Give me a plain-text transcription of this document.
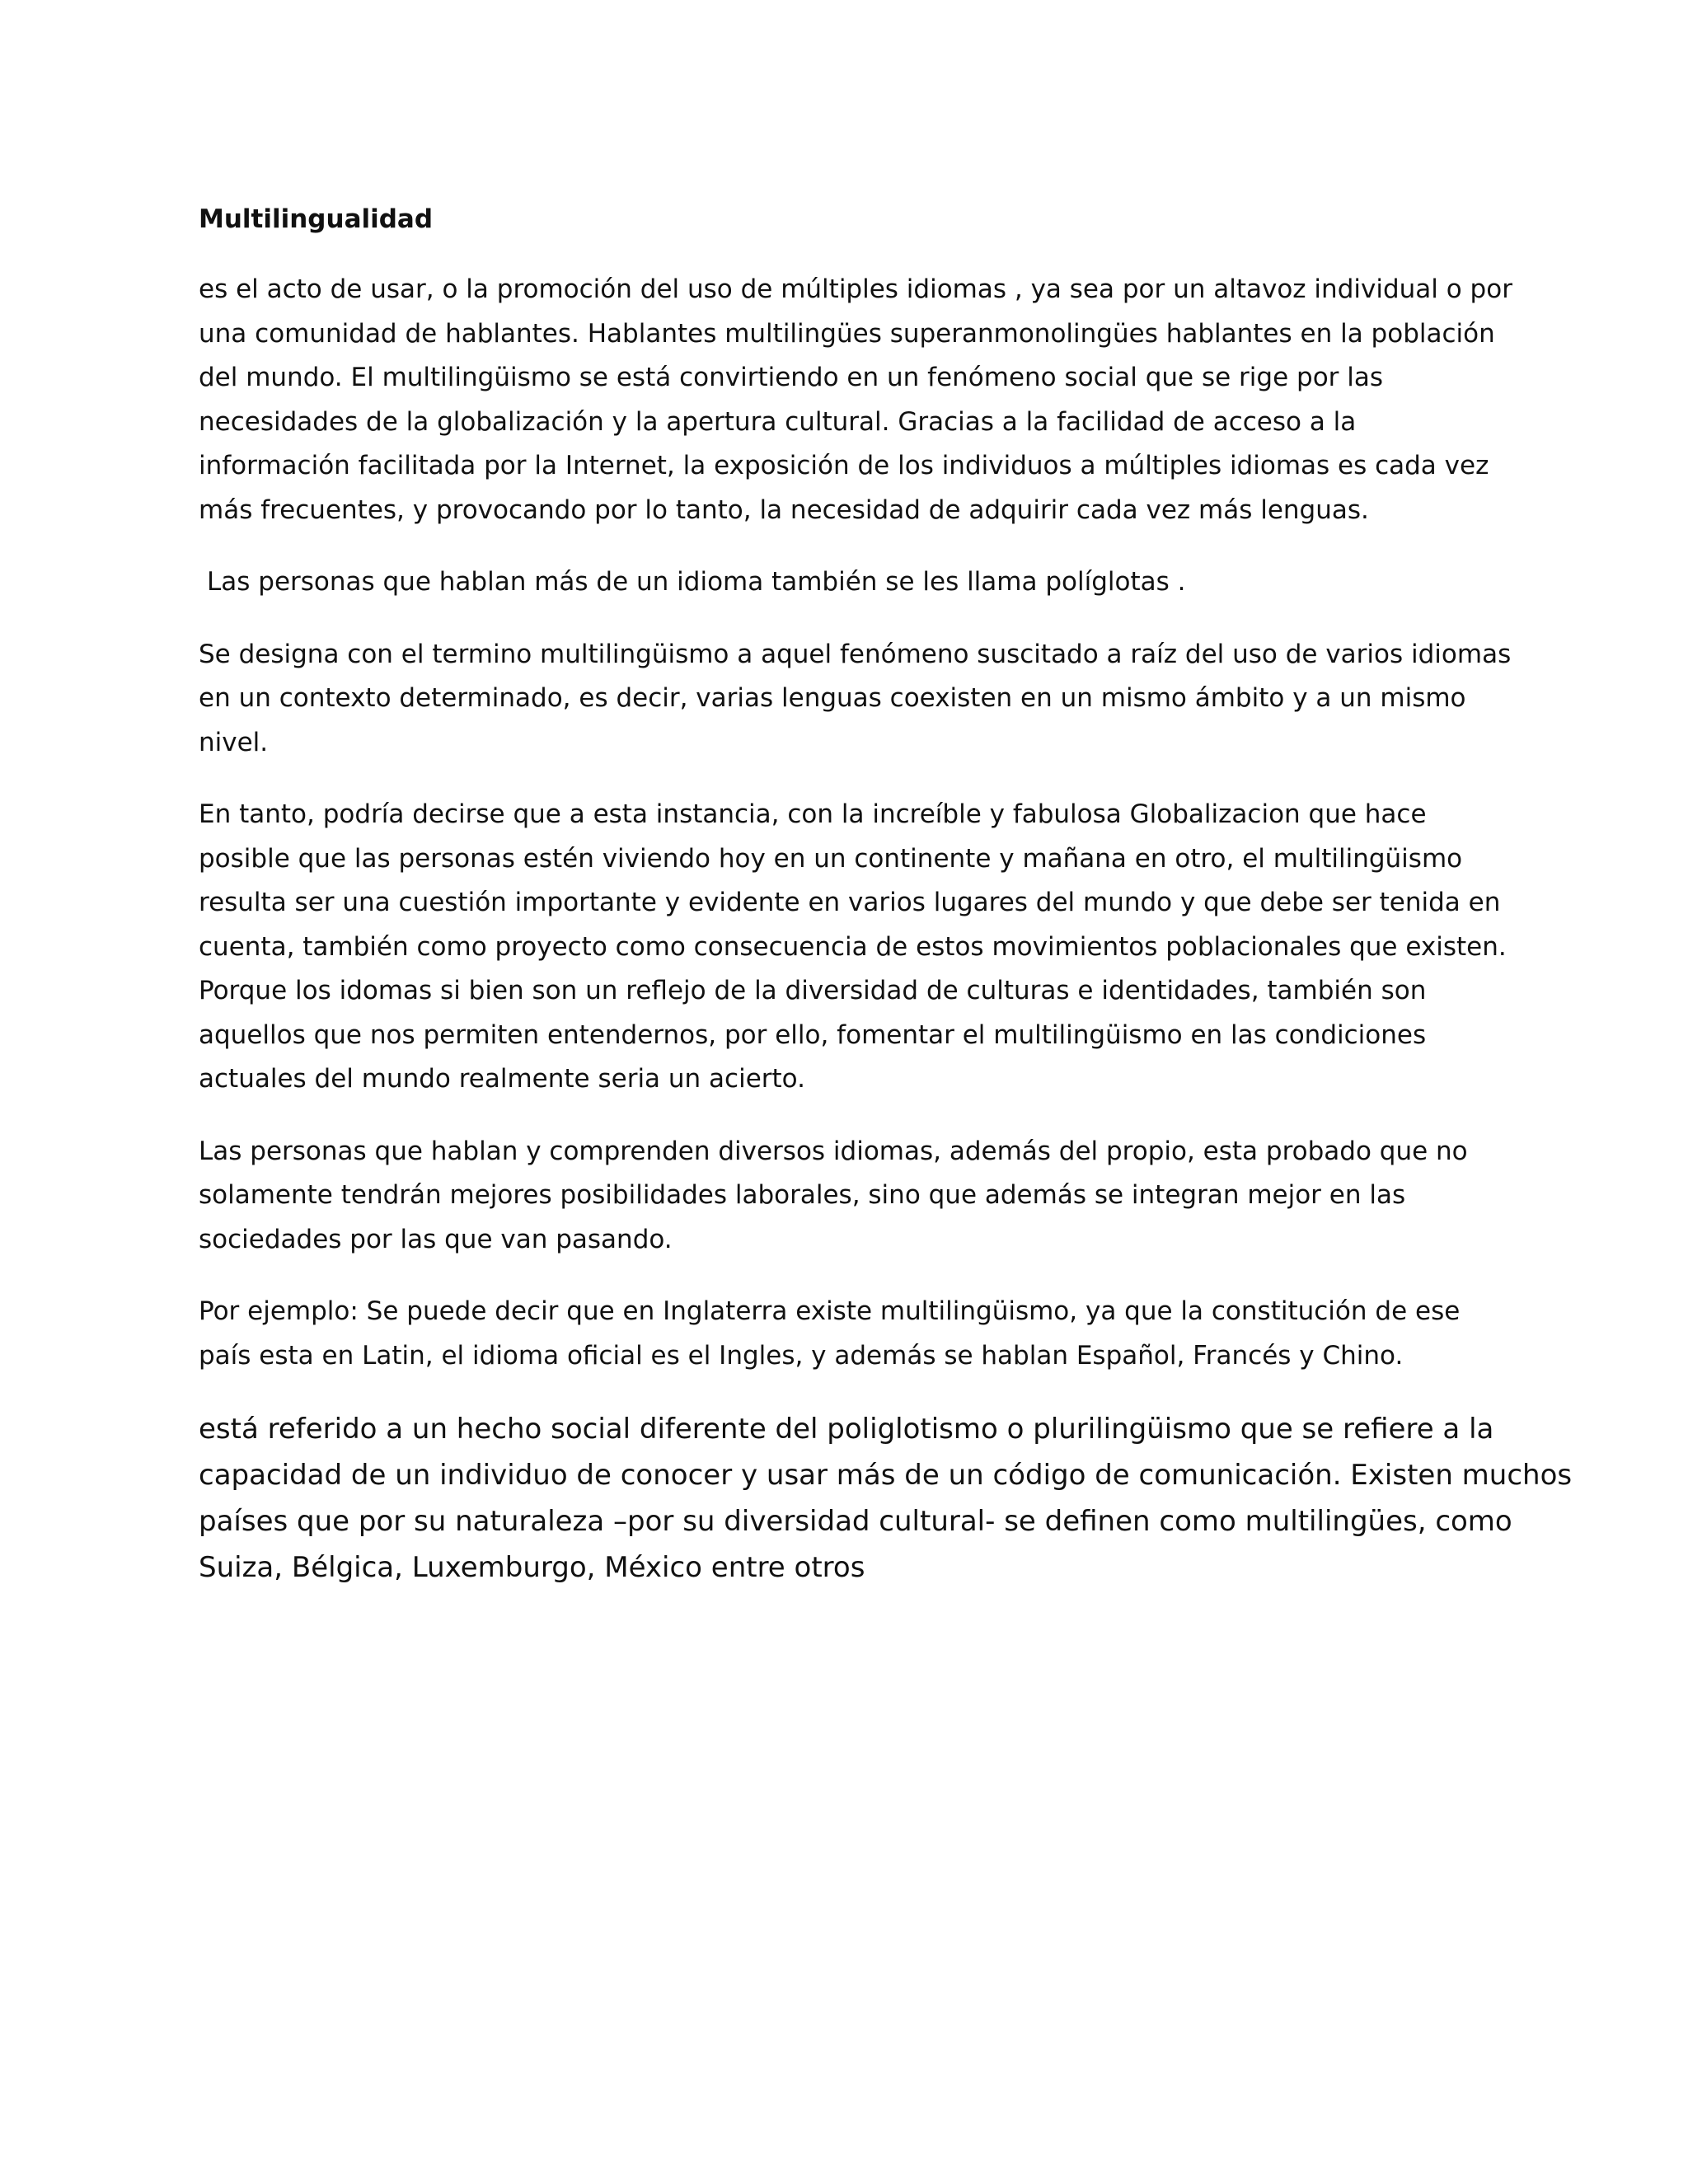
Multilingualidad
es el acto de usar, o la promoción del uso de múltiples idiomas , ya sea por un altavoz individual o por
una comunidad de hablantes. Hablantes multilingües superanmonolingües hablantes en la población
del mundo. El multilingüismo se está convirtiendo en un fenómeno social que se rige por las
necesidades de la globalización y la apertura cultural. Gracias a la facilidad de acceso a la
información facilitada por la Internet, la exposición de los individuos a múltiples idiomas es cada vez
más frecuentes, y provocando por lo tanto, la necesidad de adquirir cada vez más lenguas.
Las personas que hablan más de un idioma también se les llama políglotas .
Se designa con el termino multilingüismo a aquel fenómeno suscitado a raíz del uso de varios idiomas
en un contexto determinado, es decir, varias lenguas coexisten en un mismo ámbito y a un mismo
nivel.
En tanto, podría decirse que a esta instancia, con la increíble y fabulosa Globalizacion que hace
posible que las personas estén viviendo hoy en un continente y mañana en otro, el multilingüismo
resulta ser una cuestión importante y evidente en varios lugares del mundo y que debe ser tenida en
cuenta, también como proyecto como consecuencia de estos movimientos poblacionales que existen.
Porque los idomas si bien son un reflejo de la diversidad de culturas e identidades, también son
aquellos que nos permiten entendernos, por ello, fomentar el multilingüismo en las condiciones
actuales del mundo realmente seria un acierto.
Las personas que hablan y comprenden diversos idiomas, además del propio, esta probado que no
solamente tendrán mejores posibilidades laborales, sino que además se integran mejor en las
sociedades por las que van pasando.
Por ejemplo: Se puede decir que en Inglaterra existe multilingüismo, ya que la constitución de ese
país esta en Latin, el idioma oficial es el Ingles, y además se hablan Español, Francés y Chino.
está referido a un hecho social diferente del poliglotismo o plurilingüismo que se refiere a la
capacidad de un individuo de conocer y usar más de un código de comunicación. Existen muchos
países que por su naturaleza –por su diversidad cultural- se definen como multilingües, como
Suiza, Bélgica, Luxemburgo, México entre otros
